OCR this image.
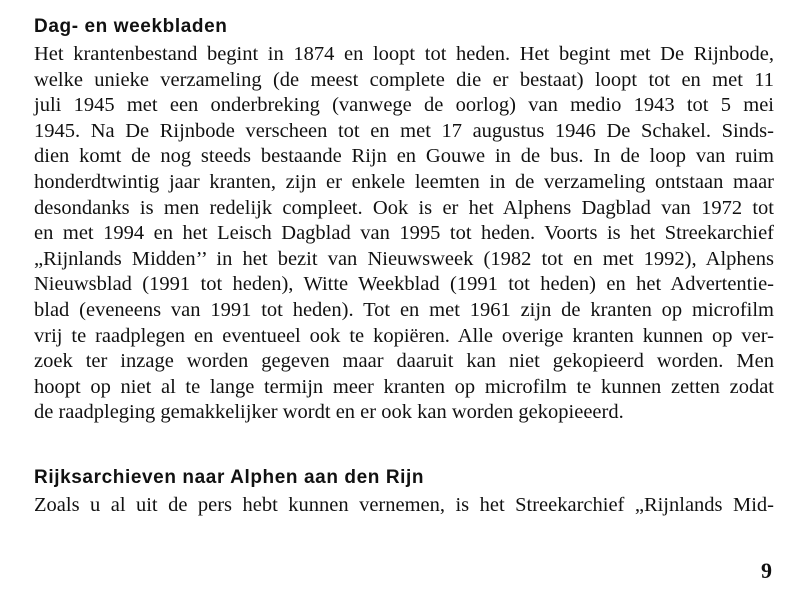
Dag- en weekbladen
Het krantenbestand begint in 1874 en loopt tot heden. Het begint met De Rijnbode,
welke unieke verzameling (de meest complete die er bestaat) loopt tot en met 11
juli 1945 met een onderbreking (vanwege de oorlog) van medio 1943 tot 5 mei
1945. Na De Rijnbode verscheen tot en met 17 augustus 1946 De Schakel. Sinds-
dien komt de nog steeds bestaande Rijn en Gouwe in de bus. In de loop van ruim
honderdtwintig jaar kranten, zijn er enkele leemten in de verzameling ontstaan maar
desondanks is men redelijk compleet. Ook is er het Alphens Dagblad van 1972 tot
en met 1994 en het Leisch Dagblad van 1995 tot heden. Voorts is het Streekarchief
„Rijnlands Midden’’ in het bezit van Nieuwsweek (1982 tot en met 1992), Alphens
Nieuwsblad (1991 tot heden), Witte Weekblad (1991 tot heden) en het Advertentie-
blad (eveneens van 1991 tot heden). Tot en met 1961 zijn de kranten op microfilm
vrij te raadplegen en eventueel ook te kopiëren. Alle overige kranten kunnen op ver-
zoek ter inzage worden gegeven maar daaruit kan niet gekopieerd worden. Men
hoopt op niet al te lange termijn meer kranten op microfilm te kunnen zetten zodat
de raadpleging gemakkelijker wordt en er ook kan worden gekopieeerd.
Rijksarchieven naar Alphen aan den Rijn
Zoals u al uit de pers hebt kunnen vernemen, is het Streekarchief „Rijnlands Mid-
9
